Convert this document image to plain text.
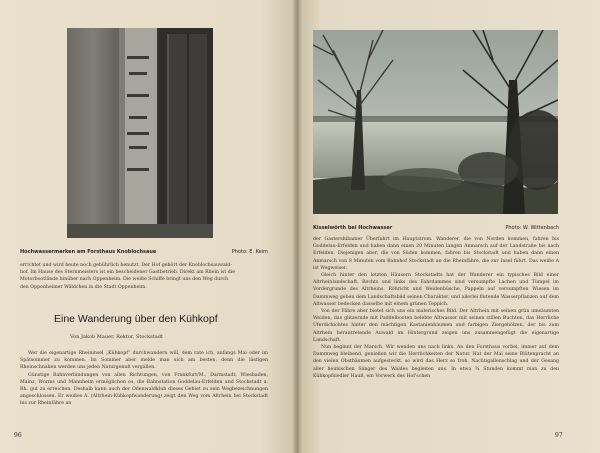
Hochwassermarken am Forsthaus Knoblochsaue	Photo: E. Keim

errichtet und wird heute noch gebührlich benutzt. Der Hof gehört der Knoblochsauwald-

hof. Im Hause des Sternmeisters ist ein bescheidener Gastbetrieb. Direkt am Rhein ist die

Motorbootlände hinüber nach Oppenheim. Die weiße Schiffe bringt uns den Weg durch

den Oppenheimer Wäldchen in die Stadt Oppenheim.

Eine Wanderung über den Kühkopf
Von Jakob Mauer, Rektor, Stockstadt

Wer die eigenartige Rheininsel „Kühkopf“ durchwandern will, dem rate ich, anfangs Mai oder im Spätsommer zu kommen. Im Sommer aber melde man sich am besten, denn die lästigen Rheinschnaken werden uns jeden Naturgenuß vergällen.

Günstige Bahnverbindungen von allen Richtungen, von Frankfurt/M., Darmstadt, Wiesbaden, Mainz, Worms und Mannheim ermöglichen es, die Bahnstation Goddelau-Erfelden und Stockstadt a. Rh. gut zu erreichen. Deshalb kann auch der Odenwaldklub dieses Gebiet zu sein Wegbezeichnungen angeschlossen. Er weißes A. (Altrhein-Kühkopfwanderung) zeigt den Weg vom Altrhein bei Stockstadt bis zur Rheinfähre an

96
Kisselwörth bei Hochwasser	Photo: W. Wittenbach

der Gastershibamer Überfahrt im Hauptstrom. Wanderer, die von Norden kommen, fahren bis Goddelau-Erfelden und haben dann einen 20 Minuten langen Anmarsch auf der Landstraße bis nach Erfelden. Diejenigen aber, die von Süden kommen, fahren bis Stockstadt und haben dann einen Anmarsch von 8 Minuten vom Bahnhof Stockstadt an die Rheinfähre, die zur Insel führt. Das weiße A ist Wegweiser.

Gleich hinter den letzten Häusern Stockstadts hat der Wanderer ein typisches Bild einer Altrheinlandschaft. Rechts und links des Fahrdammes sind versumpfte Lachen und Tümpel im Vordergrunde des Altrheins. Röhricht und Weidenbüsche, Pappeln auf versumpften Wiesen im Dammweg geben dem Landschaftsbild seinen Charakter, und allerlei flutende Wasserpflanzen auf dem Altwasser bedecken dasselbe mit einem grünen Teppich.

Von der Fähre aber bietet sich uns ein malerisches Bild. Der Altrhein mit seinen grün umsäumten Weiden, das glitzernde mit Paddelbooten belebte Altwasser mit seinen stillen Buchten, das Herrliche Uferdickichtes hinter den mächtigen Kastanienbäumen und farbigen Ziergehölzen, der bis zum Altrhein herantretende Auwald im Hintergrund zeigen uns zusammengefügt die eigenartige Landschaft.

Nun beginnt der Marsch. Wir wenden uns nach links. An den Forsthaus vorbei, immer auf dem Dammweg bleibend, genießen wir die Herrlichkeiten der Natur. Hat der Mai seine Blütenpracht an den vielen Obstbäumen aufgesteckt, so wird das Herz so froh. Nachtigallenschlag und der Gesang aller heimischen Sänger des Waldes begleiten uns. In etwa ¾ Stunden kommt man zu den Kühkopfsiedler Hauß, ein Vorwerk des Hof'schen

97
